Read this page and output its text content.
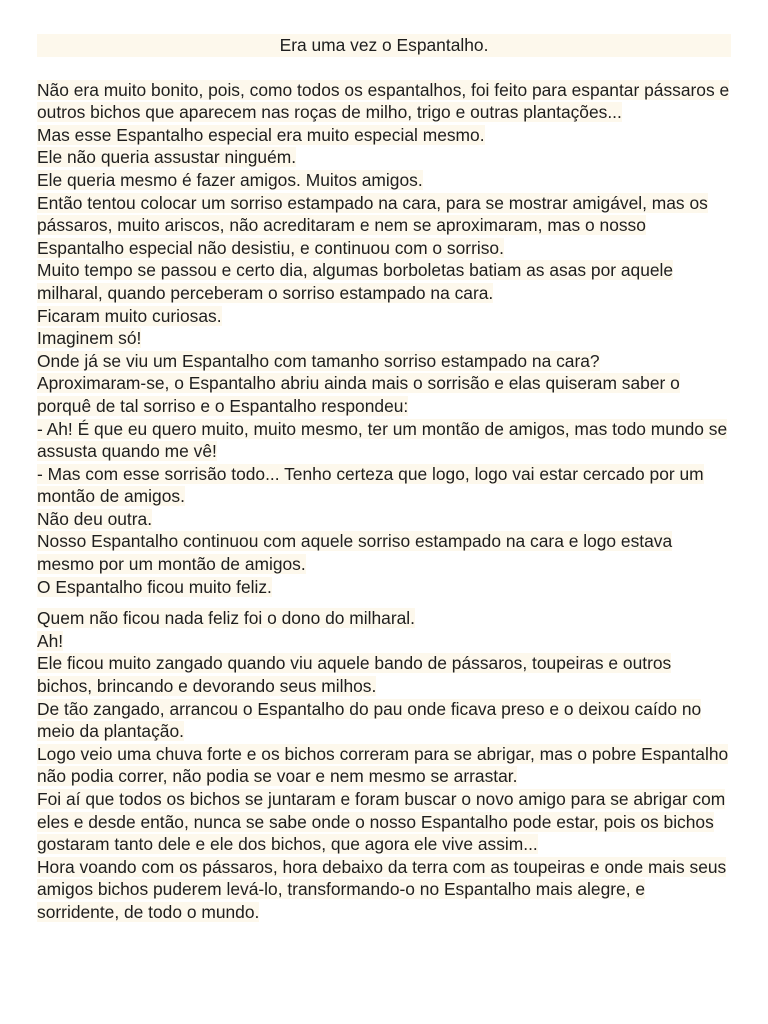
Era uma vez o Espantalho.
Não era muito bonito, pois, como todos os espantalhos, foi feito para espantar pássaros e outros bichos que aparecem nas roças de milho, trigo e outras plantações...
Mas esse Espantalho especial era muito especial mesmo.
Ele não queria assustar ninguém.
Ele queria mesmo é fazer amigos. Muitos amigos.
Então tentou colocar um sorriso estampado na cara, para se mostrar amigável, mas os pássaros, muito ariscos, não acreditaram e nem se aproximaram, mas o nosso Espantalho especial não desistiu, e continuou com o sorriso.
Muito tempo se passou e certo dia, algumas borboletas batiam as asas por aquele milharal, quando perceberam o sorriso estampado na cara.
Ficaram muito curiosas.
Imaginem só!
Onde já se viu um Espantalho com tamanho sorriso estampado na cara?
Aproximaram-se, o Espantalho abriu ainda mais o sorrisão e elas quiseram saber o porquê de tal sorriso e o Espantalho respondeu:
- Ah! É que eu quero muito, muito mesmo, ter um montão de amigos, mas todo mundo se assusta quando me vê!
- Mas com esse sorrisão todo... Tenho certeza que logo, logo vai estar cercado por um montão de amigos.
Não deu outra.
Nosso Espantalho continuou com aquele sorriso estampado na cara e logo estava mesmo por um montão de amigos.
O Espantalho ficou muito feliz.
Quem não ficou nada feliz foi o dono do milharal.
Ah!
Ele ficou muito zangado quando viu aquele bando de pássaros, toupeiras e outros bichos, brincando e devorando seus milhos.
De tão zangado, arrancou o Espantalho do pau onde ficava preso e o deixou caído no meio da plantação.
Logo veio uma chuva forte e os bichos correram para se abrigar, mas o pobre Espantalho não podia correr, não podia se voar e nem mesmo se arrastar.
Foi aí que todos os bichos se juntaram e foram buscar o novo amigo para se abrigar com eles e desde então, nunca se sabe onde o nosso Espantalho pode estar, pois os bichos gostaram tanto dele e ele dos bichos, que agora ele vive assim...
Hora voando com os pássaros, hora debaixo da terra com as toupeiras e onde mais seus amigos bichos puderem levá-lo, transformando-o no Espantalho mais alegre, e sorridente, de todo o mundo.
